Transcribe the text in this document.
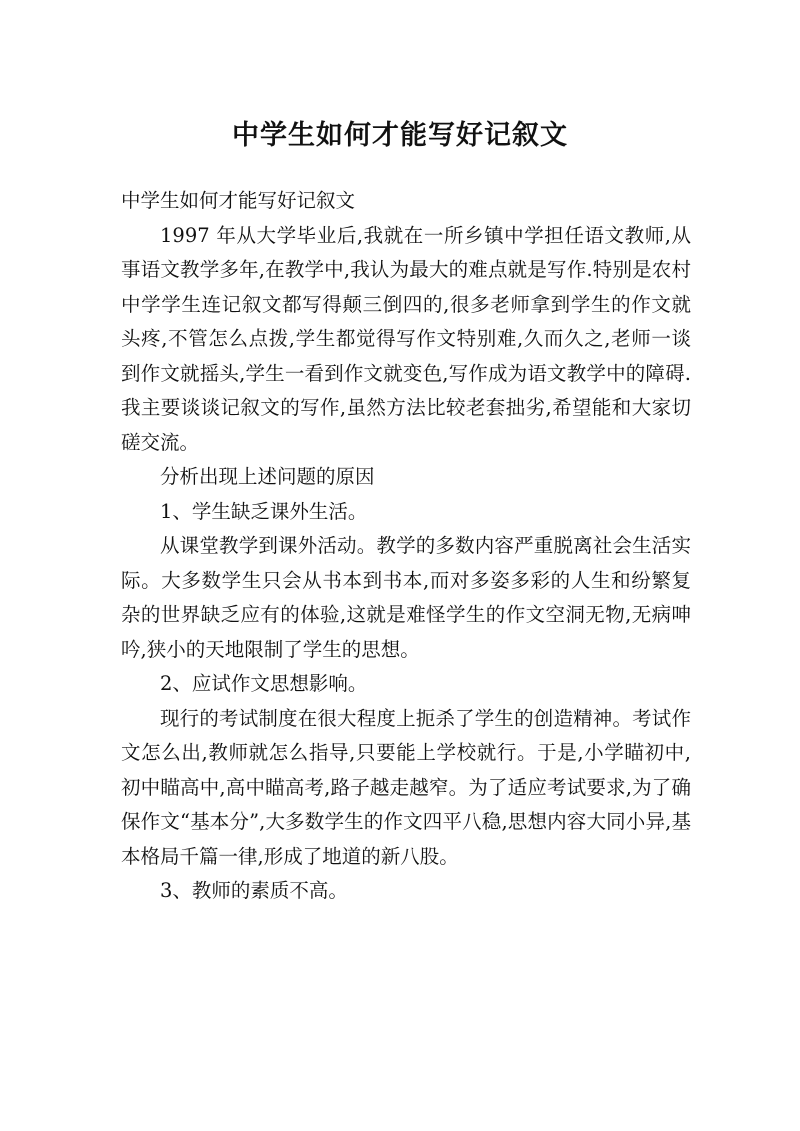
中学生如何才能写好记叙文

中学生如何才能写好记叙文

1997 年从大学毕业后,我就在一所乡镇中学担任语文教师,从事语文教学多年,在教学中,我认为最大的难点就是写作.特别是农村中学学生连记叙文都写得颠三倒四的,很多老师拿到学生的作文就头疼,不管怎么点拨,学生都觉得写作文特别难,久而久之,老师一谈到作文就摇头,学生一看到作文就变色,写作成为语文教学中的障碍.我主要谈谈记叙文的写作,虽然方法比较老套拙劣,希望能和大家切磋交流。

分析出现上述问题的原因

1、学生缺乏课外生活。

从课堂教学到课外活动。教学的多数内容严重脱离社会生活实际。大多数学生只会从书本到书本,而对多姿多彩的人生和纷繁复杂的世界缺乏应有的体验,这就是难怪学生的作文空洞无物,无病呻吟,狭小的天地限制了学生的思想。

2、应试作文思想影响。

现行的考试制度在很大程度上扼杀了学生的创造精神。考试作文怎么出,教师就怎么指导,只要能上学校就行。于是,小学瞄初中,初中瞄高中,高中瞄高考,路子越走越窄。为了适应考试要求,为了确保作文“基本分”,大多数学生的作文四平八稳,思想内容大同小异,基本格局千篇一律,形成了地道的新八股。

3、教师的素质不高。
